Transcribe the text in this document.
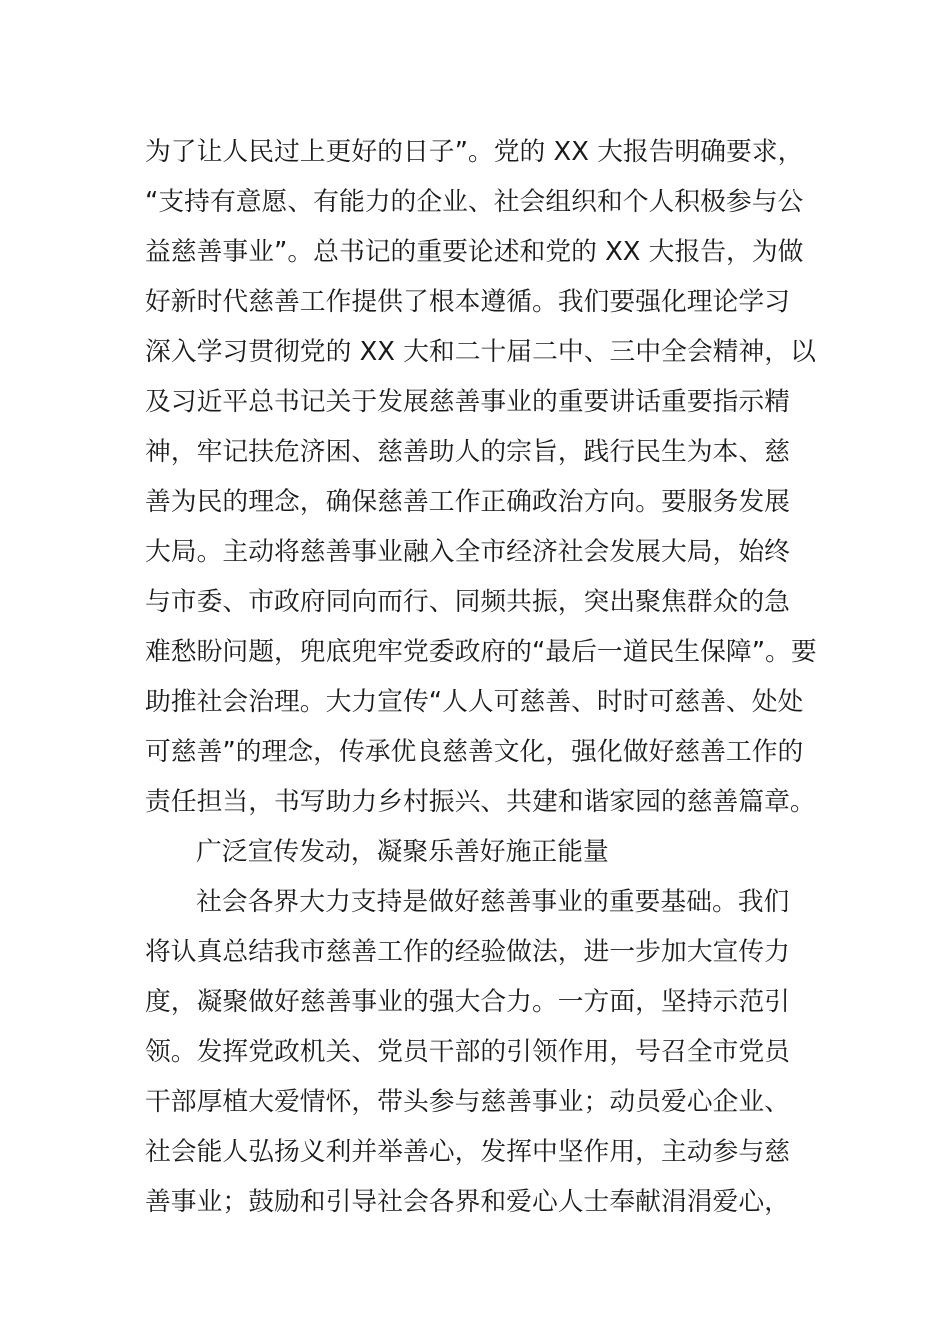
为了让人民过上更好的日子”。党的 XX 大报告明确要求，
“支持有意愿、有能力的企业、社会组织和个人积极参与公
益慈善事业”。总书记的重要论述和党的 XX 大报告，为做
好新时代慈善工作提供了根本遵循。我们要强化理论学习
深入学习贯彻党的 XX 大和二十届二中、三中全会精神，以
及习近平总书记关于发展慈善事业的重要讲话重要指示精
神，牢记扶危济困、慈善助人的宗旨，践行民生为本、慈
善为民的理念，确保慈善工作正确政治方向。要服务发展
大局。主动将慈善事业融入全市经济社会发展大局，始终
与市委、市政府同向而行、同频共振，突出聚焦群众的急
难愁盼问题，兜底兜牢党委政府的“最后一道民生保障”。要
助推社会治理。大力宣传“人人可慈善、时时可慈善、处处
可慈善”的理念，传承优良慈善文化，强化做好慈善工作的
责任担当，书写助力乡村振兴、共建和谐家园的慈善篇章。
广泛宣传发动，凝聚乐善好施正能量
社会各界大力支持是做好慈善事业的重要基础。我们
将认真总结我市慈善工作的经验做法，进一步加大宣传力
度，凝聚做好慈善事业的强大合力。一方面，坚持示范引
领。发挥党政机关、党员干部的引领作用，号召全市党员
干部厚植大爱情怀，带头参与慈善事业；动员爱心企业、
社会能人弘扬义利并举善心，发挥中坚作用，主动参与慈
善事业；鼓励和引导社会各界和爱心人士奉献涓涓爱心，
